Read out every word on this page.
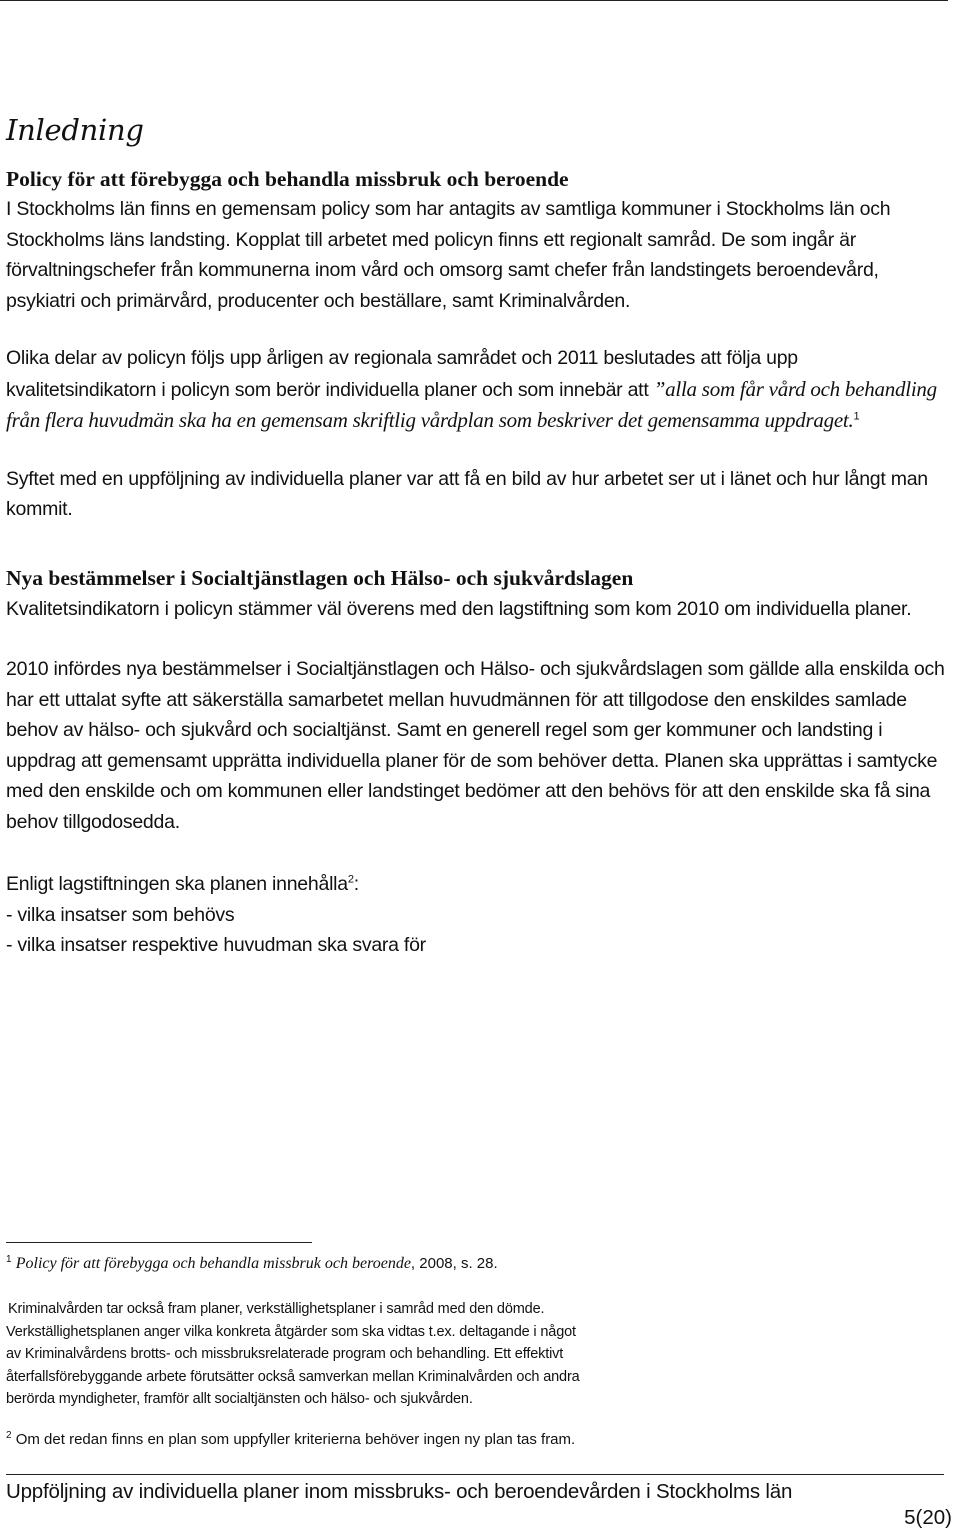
Inledning
Policy för att förebygga och behandla missbruk och beroende

I Stockholms län finns en gemensam policy som har antagits av samtliga kommuner i Stockholms län och Stockholms läns landsting. Kopplat till arbetet med policyn finns ett regionalt samråd. De som ingår är förvaltningschefer från kommunerna inom vård och omsorg samt chefer från landstingets beroendevård, psykiatri och primärvård, producenter och beställare, samt Kriminalvården.

Olika delar av policyn följs upp årligen av regionala samrådet och 2011 beslutades att följa upp kvalitetsindikatorn i policyn som berör individuella planer och som innebär att ”alla som får vård och behandling från flera huvudmän ska ha en gemensam skriftlig vårdplan som beskriver det gemensamma uppdraget.$^1$

Syftet med en uppföljning av individuella planer var att få en bild av hur arbetet ser ut i länet och hur långt man kommit.

Nya bestämmelser i Socialtjänstlagen och Hälso- och sjukvårdslagen

Kvalitetsindikatorn i policyn stämmer väl överens med den lagstiftning som kom 2010 om individuella planer.

2010 infördes nya bestämmelser i Socialtjänstlagen och Hälso- och sjukvårdslagen som gällde alla enskilda och har ett uttalat syfte att säkerställa samarbetet mellan huvudmännen för att tillgodose den enskildes samlade behov av hälso- och sjukvård och socialtjänst. Samt en generell regel som ger kommuner och landsting i uppdrag att gemensamt upprätta individuella planer för de som behöver detta. Planen ska upprättas i samtycke med den enskilde och om kommunen eller landstinget bedömer att den behövs för att den enskilde ska få sina behov tillgodosedda.

Enligt lagstiftningen ska planen innehålla$^2$:
- vilka insatser som behövs
- vilka insatser respektive huvudman ska svara för

$^1$ Policy för att förebygga och behandla missbruk och beroende, 2008, s. 28.
Kriminalvården tar också fram planer, verkställighetsplaner i samråd med den dömde.
Verkställighetsplanen anger vilka konkreta åtgärder som ska vidtas t.ex. deltagande i något
av Kriminalvårdens brotts- och missbruksrelaterade program och behandling. Ett effektivt
återfallsförebyggande arbete förutsätter också samverkan mellan Kriminalvården och andra
berörda myndigheter, framför allt socialtjänsten och hälso- och sjukvården.
$^2$ Om det redan finns en plan som uppfyller kriterierna behöver ingen ny plan tas fram.
Uppföljning av individuella planer inom missbruks- och beroendevården i Stockholms län
5(20)
